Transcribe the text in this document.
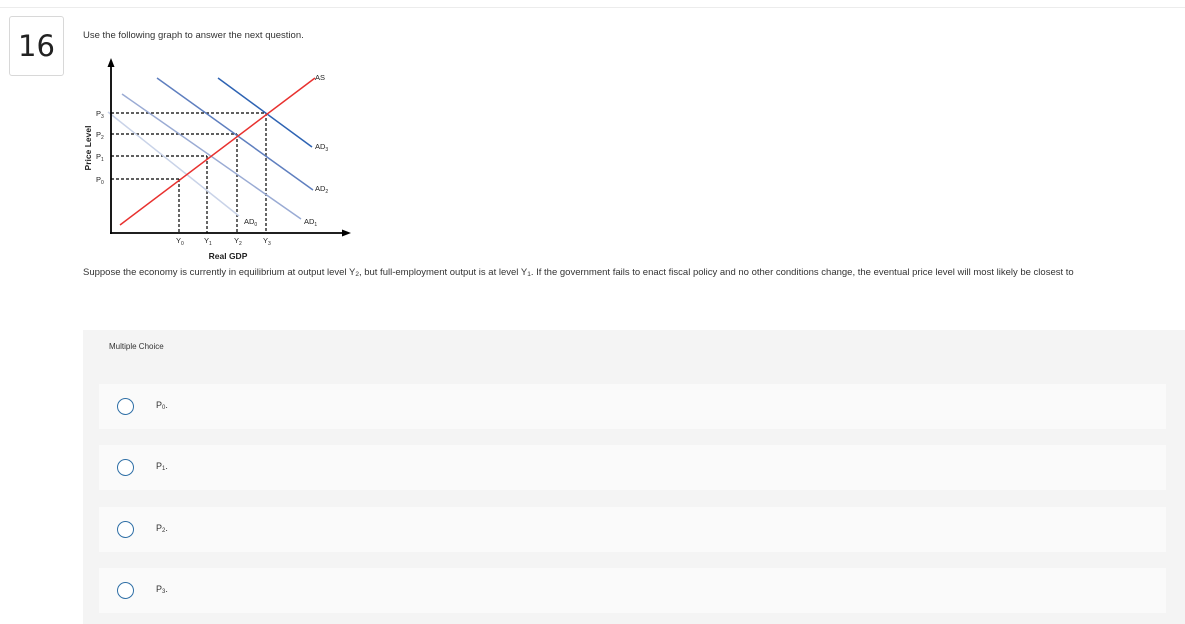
16	Use the following graph to answer the next question.
Price Level
Real GDP
$P_3$
$P_2$
$P_1$
$P_0$
$Y_0$	$Y_1$	$Y_2$	$Y_3$
AS
$AD_3$
$AD_2$
$AD_1$
$AD_0$
Suppose the economy is currently in equilibrium at output level $Y_2$, but full-employment output is at level $Y_1$. If the government fails to enact fiscal policy and no other conditions change, the eventual price level will most likely be closest to
Multiple Choice
P0.
P1.
P2.
P3.
